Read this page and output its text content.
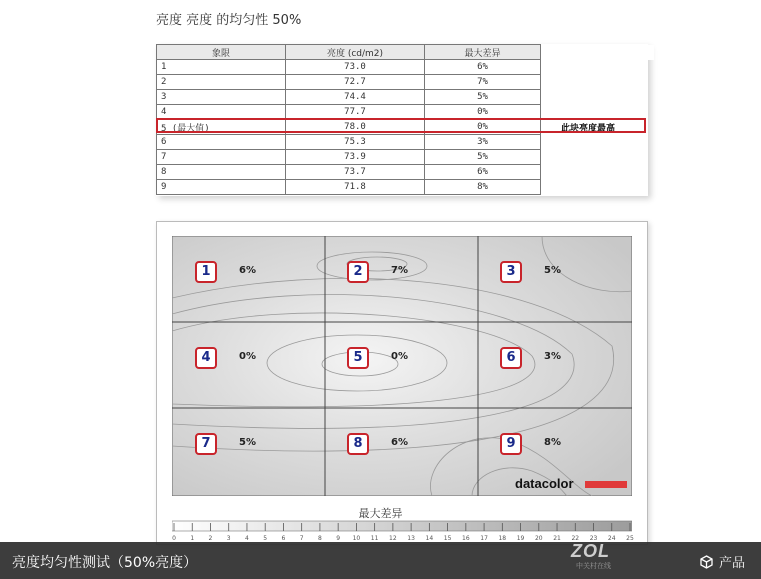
亮度 亮度 的均匀性 50%
象限	亮度 (cd/m2)	最大差异	
1	73.0	6%	
2	72.7	7%	
3	74.4	5%	
4	77.7	0%	
5 (最大值)	78.0	0%	此块亮度最高
6	75.3	3%	
7	73.9	5%	
8	73.7	6%	
9	71.8	8%	
1	6%	2	7%	3	5%
4	0%	5	0%	6	3%
7	5%	8	6%	9	8%
datacolor
最大差异
0 1 2 3 4 5 6 7 8 9 10 11 12 13 14 15 16 17 18 19 20 21 22 23 24 25
亮度均匀性测试（50%亮度）	产品
ZOL
中关村在线
